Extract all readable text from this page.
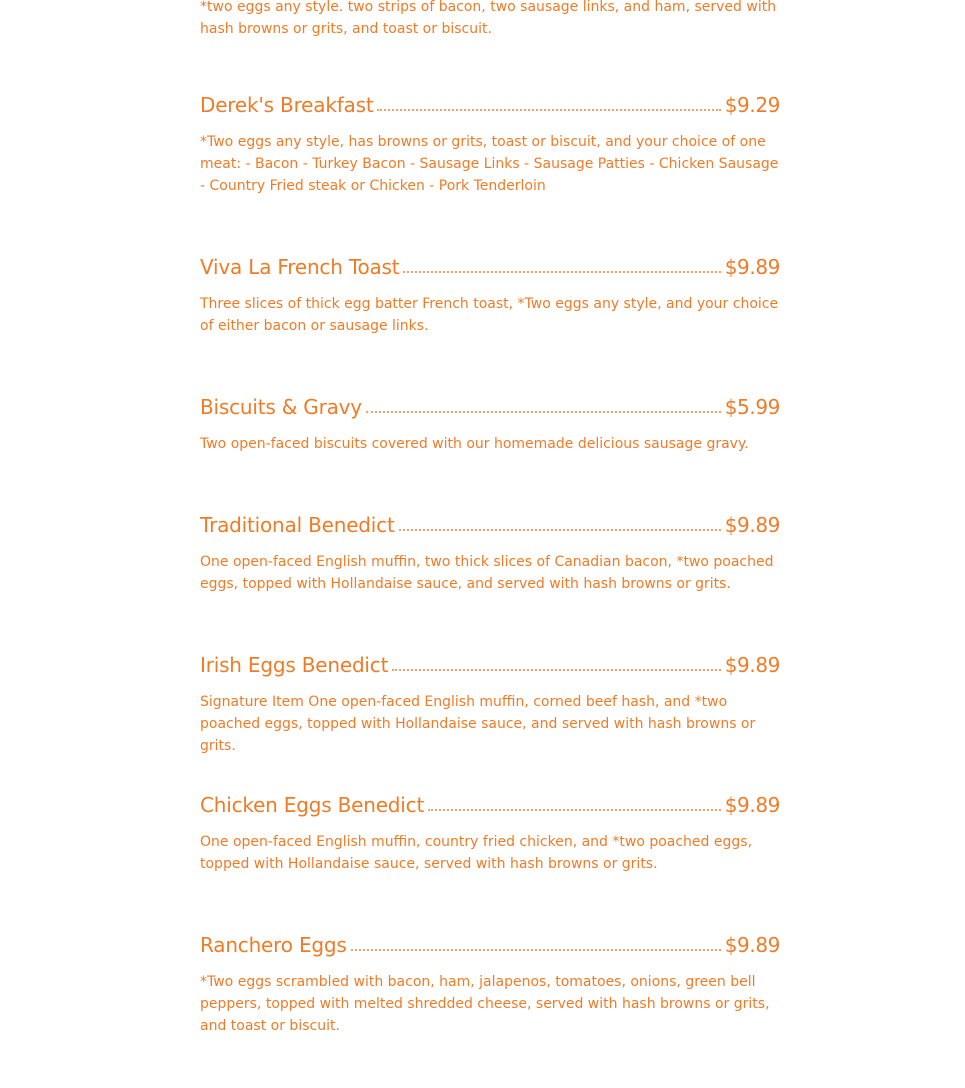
*two eggs any style. two strips of bacon, two sausage links, and ham, served with hash browns or grits, and toast or biscuit.

Derek's Breakfast	$9.29
*Two eggs any style, has browns or grits, toast or biscuit, and your choice of one meat: - Bacon - Turkey Bacon - Sausage Links - Sausage Patties - Chicken Sausage - Country Fried steak or Chicken - Pork Tenderloin
Viva La French Toast	$9.89
Three slices of thick egg batter French toast, *Two eggs any style, and your choice of either bacon or sausage links.
Biscuits & Gravy	$5.99
Two open-faced biscuits covered with our homemade delicious sausage gravy.
Traditional Benedict	$9.89
One open-faced English muffin, two thick slices of Canadian bacon, *two poached eggs, topped with Hollandaise sauce, and served with hash browns or grits.
Irish Eggs Benedict	$9.89
Signature Item One open-faced English muffin, corned beef hash, and *two poached eggs, topped with Hollandaise sauce, and served with hash browns or grits.
Chicken Eggs Benedict	$9.89
One open-faced English muffin, country fried chicken, and *two poached eggs, topped with Hollandaise sauce, served with hash browns or grits.
Ranchero Eggs	$9.89
*Two eggs scrambled with bacon, ham, jalapenos, tomatoes, onions, green bell peppers, topped with melted shredded cheese, served with hash browns or grits, and toast or biscuit.
